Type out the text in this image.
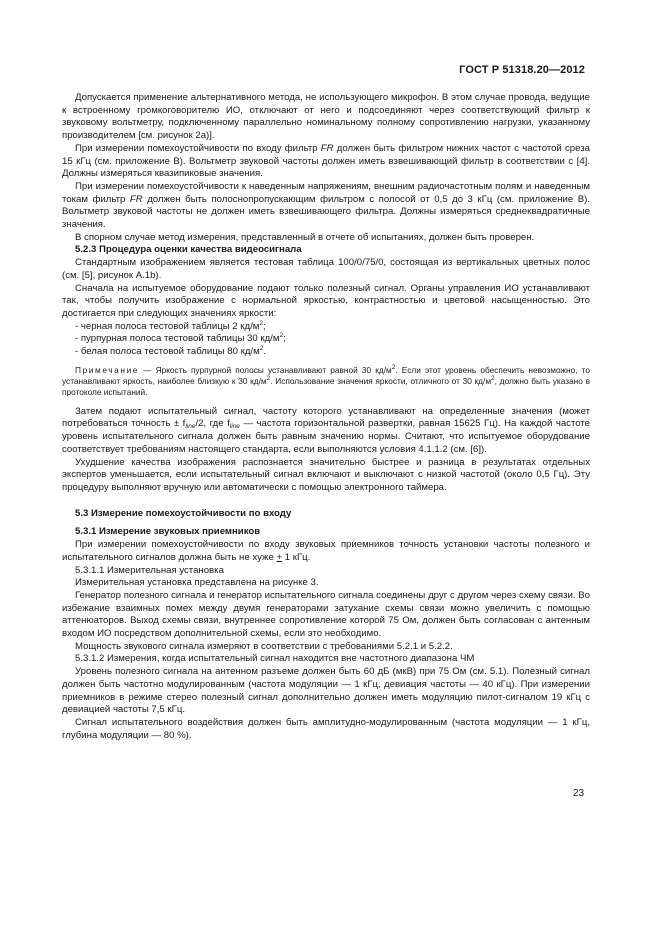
ГОСТ Р 51318.20—2012

Допускается применение альтернативного метода, не использующего микрофон. В этом случае провода, ведущие к встроенному громкоговорителю ИО, отключают от него и подсоединяют через соответствующий фильтр к звуковому вольтметру, подключенному параллельно номинальному полному сопротивлению нагрузки, указанному производителем [см. рисунок 2а)].

При измерении помехоустойчивости по входу фильтр FR должен быть фильтром нижних частот с частотой среза 15 кГц (см. приложение В). Вольтметр звуковой частоты должен иметь взвешивающий фильтр в соответствии с [4]. Должны измеряться квазипиковые значения.

При измерении помехоустойчивости к наведенным напряжениям, внешним радиочастотным полям и наведенным токам фильтр FR должен быть полоснопропускающим фильтром с полосой от 0,5 до 3 кГц (см. приложение В). Вольтметр звуковой частоты не должен иметь взвешивающего фильтра. Должны измеряться среднеквадратичные значения.

В спорном случае метод измерения, представленный в отчете об испытаниях, должен быть проверен.

5.2.3 Процедура оценки качества видеосигнала

Стандартным изображением является тестовая таблица 100/0/75/0, состоящая из вертикальных цветных полос (см. [5], рисунок А.1b).

Сначала на испытуемое оборудование подают только полезный сигнал. Органы управления ИО устанавливают так, чтобы получить изображение с нормальной яркостью, контрастностью и цветовой насыщенностью. Это достигается при следующих значениях яркости:

- черная полоса тестовой таблицы 2 $кд/м^2$;

- пурпурная полоса тестовой таблицы 30 $кд/м^2$;

- белая полоса тестовой таблицы 80 $кд/м^2$.

Примечание — Яркость пурпурной полосы устанавливают равной 30 $кд/м^2$. Если этот уровень обеспечить невозможно, то устанавливают яркость, наиболее близкую к 30 $кд/м^2$. Использование значения яркости, отличного от 30 $кд/м^2$, должно быть указано в протоколе испытаний.

Затем подают испытательный сигнал, частоту которого устанавливают на определенные значения (может потребоваться точность ± $f_{line}/2$, где $f_{line}$ — частота горизонтальной развертки, равная 15625 Гц). На каждой частоте уровень испытательного сигнала должен быть равным значению нормы. Считают, что испытуемое оборудование соответствует требованиям настоящего стандарта, если выполняются условия 4.1.1.2 (см. [6]).

Ухудшение качества изображения распознается значительно быстрее и разница в результатах отдельных экспертов уменьшается, если испытательный сигнал включают и выключают с низкой частотой (около 0,5 Гц). Эту процедуру выполняют вручную или автоматически с помощью электронного таймера.

5.3 Измерение помехоустойчивости по входу

5.3.1 Измерение звуковых приемников

При измерении помехоустойчивости по входу звуковых приемников точность установки частоты полезного и испытательного сигналов должна быть не хуже + 1 кГц.

5.3.1.1 Измерительная установка

Измерительная установка представлена на рисунке 3.

Генератор полезного сигнала и генератор испытательного сигнала соединены друг с другом через схему связи. Во избежание взаимных помех между двумя генераторами затухание схемы связи можно увеличить с помощью аттенюаторов. Выход схемы связи, внутреннее сопротивление которой 75 Ом, должен быть согласован с антенным входом ИО посредством дополнительной схемы, если это необходимо.

Мощность звукового сигнала измеряют в соответствии с требованиями 5.2.1 и 5.2.2.

5.3.1.2 Измерения, когда испытательный сигнал находится вне частотного диапазона ЧМ

Уровень полезного сигнала на антенном разъеме должен быть 60 дБ (мкВ) при 75 Ом (см. 5.1). Полезный сигнал должен быть частотно модулированным (частота модуляции — 1 кГц, девиация частоты — 40 кГц). При измерении приемников в режиме стерео полезный сигнал дополнительно должен иметь модуляцию пилот-сигналом 19 кГц с девиацией частоты 7,5 кГц.

Сигнал испытательного воздействия должен быть амплитудно-модулированным (частота модуляции — 1 кГц, глубина модуляции — 80 %).

23
